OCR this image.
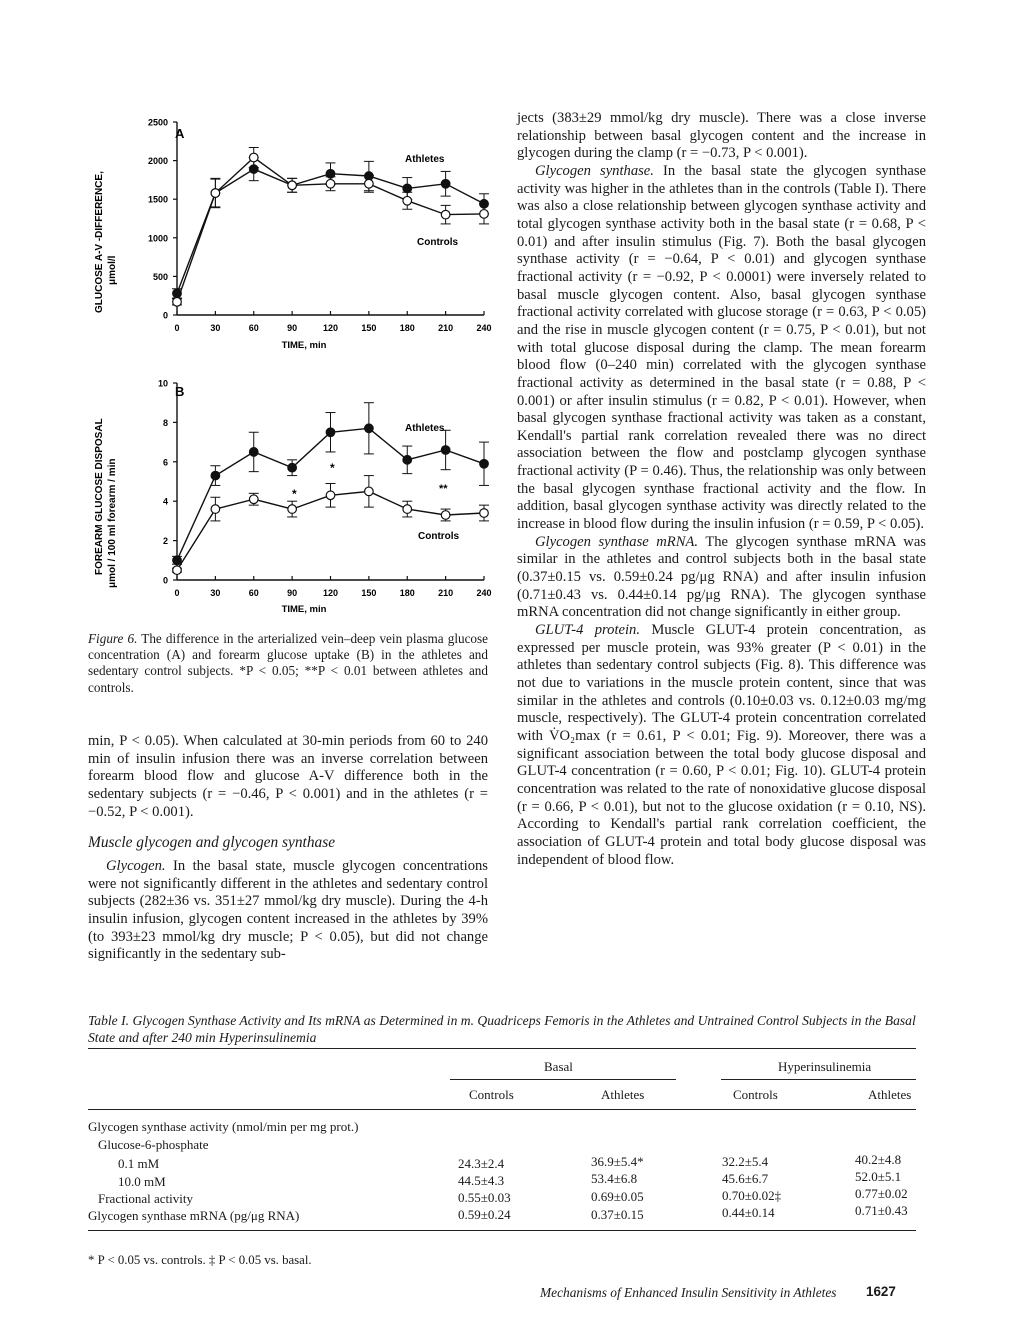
A
GLUCOSE A-V -DIFFERENCE, μmol/l
TIME, min
Athletes
Controls
0
500
1000
1500
2000
2500
0	30	60	90	120	150	180	210	240
B
FOREARM GLUCOSE DISPOSAL μmol / 100 ml forearm / min
TIME, min
Athletes
Controls
*
*	**
0
2
4
6
8
10
0	30	60	90	120	150	180	210	240
Figure 6. The difference in the arterialized vein–deep vein plasma glucose concentration (A) and forearm glucose uptake (B) in the athletes and sedentary control subjects. *P < 0.05; **P < 0.01 between athletes and controls.

min, P < 0.05). When calculated at 30-min periods from 60 to 240 min of insulin infusion there was an inverse correlation between forearm blood flow and glucose A-V difference both in the sedentary subjects (r = −0.46, P < 0.001) and in the athletes (r = −0.52, P < 0.001).

Muscle glycogen and glycogen synthase

Glycogen. In the basal state, muscle glycogen concentrations were not significantly different in the athletes and sedentary control subjects (282±36 vs. 351±27 mmol/kg dry muscle). During the 4-h insulin infusion, glycogen content increased in the athletes by 39% (to 393±23 mmol/kg dry muscle; P < 0.05), but did not change significantly in the sedentary sub-

jects (383±29 mmol/kg dry muscle). There was a close inverse relationship between basal glycogen content and the increase in glycogen during the clamp (r = −0.73, P < 0.001).

Glycogen synthase. In the basal state the glycogen synthase activity was higher in the athletes than in the controls (Table I). There was also a close relationship between glycogen synthase activity and total glycogen synthase activity both in the basal state (r = 0.68, P < 0.01) and after insulin stimulus (Fig. 7). Both the basal glycogen synthase activity (r = −0.64, P < 0.01) and glycogen synthase fractional activity (r = −0.92, P < 0.0001) were inversely related to basal muscle glycogen content. Also, basal glycogen synthase fractional activity correlated with glucose storage (r = 0.63, P < 0.05) and the rise in muscle glycogen content (r = 0.75, P < 0.01), but not with total glucose disposal during the clamp. The mean forearm blood flow (0–240 min) correlated with the glycogen synthase fractional activity as determined in the basal state (r = 0.88, P < 0.001) or after insulin stimulus (r = 0.82, P < 0.01). However, when basal glycogen synthase fractional activity was taken as a constant, Kendall's partial rank correlation revealed there was no direct association between the flow and postclamp glycogen synthase fractional activity (P = 0.46). Thus, the relationship was only between the basal glycogen synthase fractional activity and the flow. In addition, basal glycogen synthase activity was directly related to the increase in blood flow during the insulin infusion (r = 0.59, P < 0.05).

Glycogen synthase mRNA. The glycogen synthase mRNA was similar in the athletes and control subjects both in the basal state (0.37±0.15 vs. 0.59±0.24 pg/μg RNA) and after insulin infusion (0.71±0.43 vs. 0.44±0.14 pg/μg RNA). The glycogen synthase mRNA concentration did not change significantly in either group.

GLUT-4 protein. Muscle GLUT-4 protein concentration, as expressed per muscle protein, was 93% greater (P < 0.01) in the athletes than sedentary control subjects (Fig. 8). This difference was not due to variations in the muscle protein content, since that was similar in the athletes and controls (0.10±0.03 vs. 0.12±0.03 mg/mg muscle, respectively). The GLUT-4 protein concentration correlated with V̇O₂max (r = 0.61, P < 0.01; Fig. 9). Moreover, there was a significant association between the total body glucose disposal and GLUT-4 concentration (r = 0.60, P < 0.01; Fig. 10). GLUT-4 protein concentration was related to the rate of nonoxidative glucose disposal (r = 0.66, P < 0.01), but not to the glucose oxidation (r = 0.10, NS). According to Kendall's partial rank correlation coefficient, the association of GLUT-4 protein and total body glucose disposal was independent of blood flow.

Table I. Glycogen Synthase Activity and Its mRNA as Determined in m. Quadriceps Femoris in the Athletes and Untrained Control Subjects in the Basal State and after 240 min Hyperinsulinemia
Basal	Hyperinsulinemia
Controls	Athletes	Controls	Athletes
Glycogen synthase activity (nmol/min per mg prot.)
Glucose-6-phosphate
0.1 mM	24.3±2.4	36.9±5.4*	32.2±5.4	40.2±4.8
10.0 mM	44.5±4.3	53.4±6.8	45.6±6.7	52.0±5.1
Fractional activity	0.55±0.03	0.69±0.05	0.70±0.02‡	0.77±0.02
Glycogen synthase mRNA (pg/μg RNA)	0.59±0.24	0.37±0.15	0.44±0.14	0.71±0.43
* P < 0.05 vs. controls. ‡ P < 0.05 vs. basal.
Mechanisms of Enhanced Insulin Sensitivity in Athletes 1627
